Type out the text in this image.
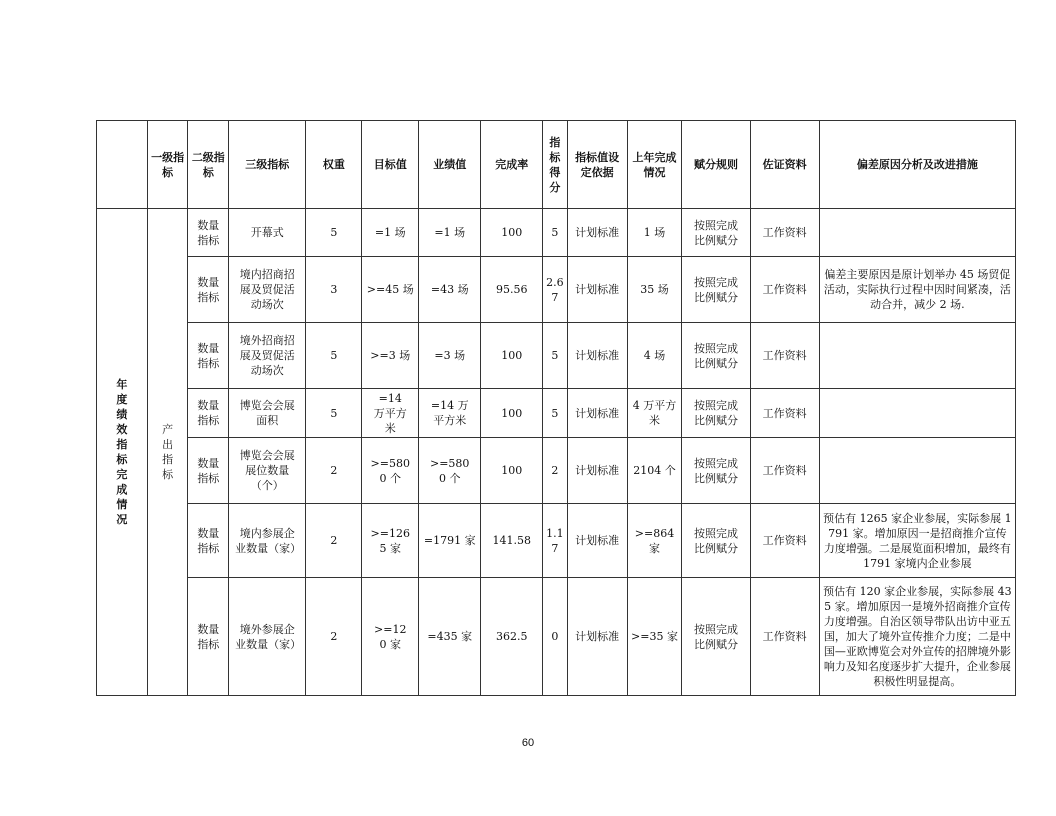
	一级指标	二级指标	三级指标	权重	目标值	业绩值	完成率	指标得分	指标值设定依据	上年完成情况	赋分规则	佐证资料	偏差原因分析及改进措施
年度绩效指标完成情况	产出指标	数量指标	开幕式	5	=1 场	=1 场	100	5	计划标准	1 场	按照完成比例赋分	工作资料	
		数量指标	境内招商招展及贸促活动场次	3	>=45 场	=43 场	95.56	2.67	计划标准	35 场	按照完成比例赋分	工作资料	偏差主要原因是原计划举办 45 场贸促活动，实际执行过程中因时间紧凑，活动合并，减少 2 场.
		数量指标	境外招商招展及贸促活动场次	5	>=3 场	=3 场	100	5	计划标准	4 场	按照完成比例赋分	工作资料	
		数量指标	博览会会展面积	5	=14 万平方米	=14 万平方米	100	5	计划标准	4 万平方米	按照完成比例赋分	工作资料	
		数量指标	博览会会展展位数量（个）	2	>=5800 个	>=5800 个	100	2	计划标准	2104 个	按照完成比例赋分	工作资料	
		数量指标	境内参展企业数量（家）	2	>=1265 家	=1791 家	141.58	1.17	计划标准	>=864 家	按照完成比例赋分	工作资料	预估有 1265 家企业参展，实际参展 1791 家。增加原因一是招商推介宣传力度增强。二是展览面积增加，最终有 1791 家境内企业参展
		数量指标	境外参展企业数量（家）	2	>=120 家	=435 家	362.5	0	计划标准	>=35 家	按照完成比例赋分	工作资料	预估有 120 家企业参展，实际参展 435 家。增加原因一是境外招商推介宣传力度增强。自治区领导带队出访中亚五国，加大了境外宣传推介力度；二是中国—亚欧博览会对外宣传的招牌境外影响力及知名度逐步扩大提升，企业参展积极性明显提高。
60
